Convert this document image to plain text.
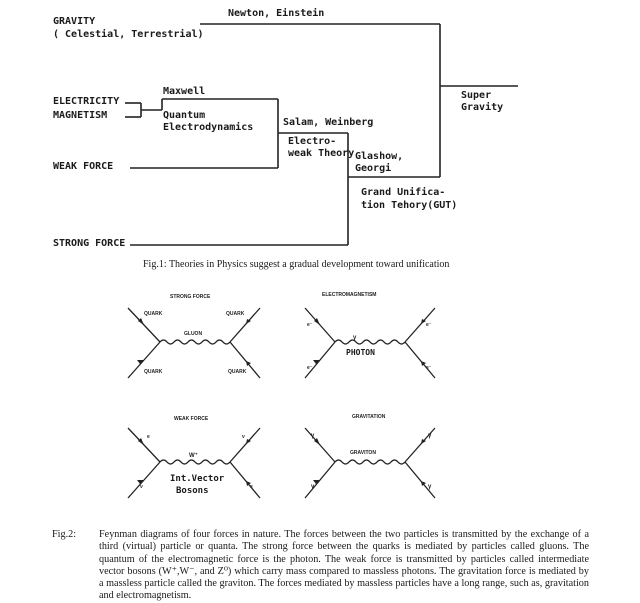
GRAVITY
( Celestial, Terrestrial)
Newton, Einstein
ELECTRICITY
MAGNETISM
Maxwell
Quantum
Electrodynamics	Salam, Weinberg
Electro-
weak Theory
WEAK FORCE
Glashow,
Georgi
Grand Unifica-
tion Tehory(GUT)
Super
Gravity
STRONG FORCE
Fig.1: Theories in Physics suggest a gradual development toward unification
STRONG FORCE
QUARK	QUARK
GLUON
QUARK	QUARK
ELECTROMAGNETISM
γ
PHOTON
e⁻	e⁻
e⁻	e⁻
WEAK FORCE
W⁺
Int.Vector
Bosons
e	ν
ν	e
GRAVITATION
GRAVITON
γ	γ
γ	γ
Fig.2: Feynman diagrams of four forces in nature. The forces between the two particles is transmitted by the exchange of a third (virtual) particle or quanta. The strong force between the quarks is mediated by particles called gluons. The quantum of the electromagnetic force is the photon. The weak force is transmitted by particles called intermediate vector bosons (W⁺,W⁻, and Z⁰) which carry mass compared to massless photons. The gravitation force is mediated by a massless particle called the graviton. The forces mediated by massless particles have a long range, such as, gravitation and electromagnetism.
